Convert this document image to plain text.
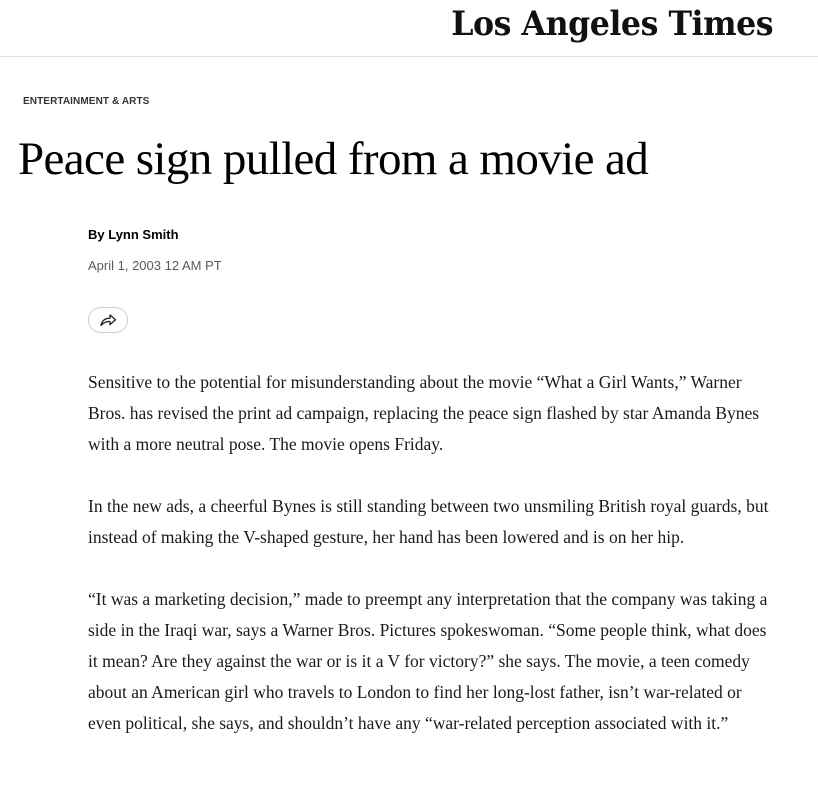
Los Angeles Times
ENTERTAINMENT & ARTS
Peace sign pulled from a movie ad
By Lynn Smith
April 1, 2003 12 AM PT

Sensitive to the potential for misunderstanding about the movie “What a Girl Wants,” Warner Bros. has revised the print ad campaign, replacing the peace sign flashed by star Amanda Bynes with a more neutral pose. The movie opens Friday.

In the new ads, a cheerful Bynes is still standing between two unsmiling British royal guards, but instead of making the V-shaped gesture, her hand has been lowered and is on her hip.

“It was a marketing decision,” made to preempt any interpretation that the company was taking a side in the Iraqi war, says a Warner Bros. Pictures spokeswoman. “Some people think, what does it mean? Are they against the war or is it a V for victory?” she says. The movie, a teen comedy about an American girl who travels to London to find her long-lost father, isn’t war-related or even political, she says, and shouldn’t have any “war-related perception associated with it.”
